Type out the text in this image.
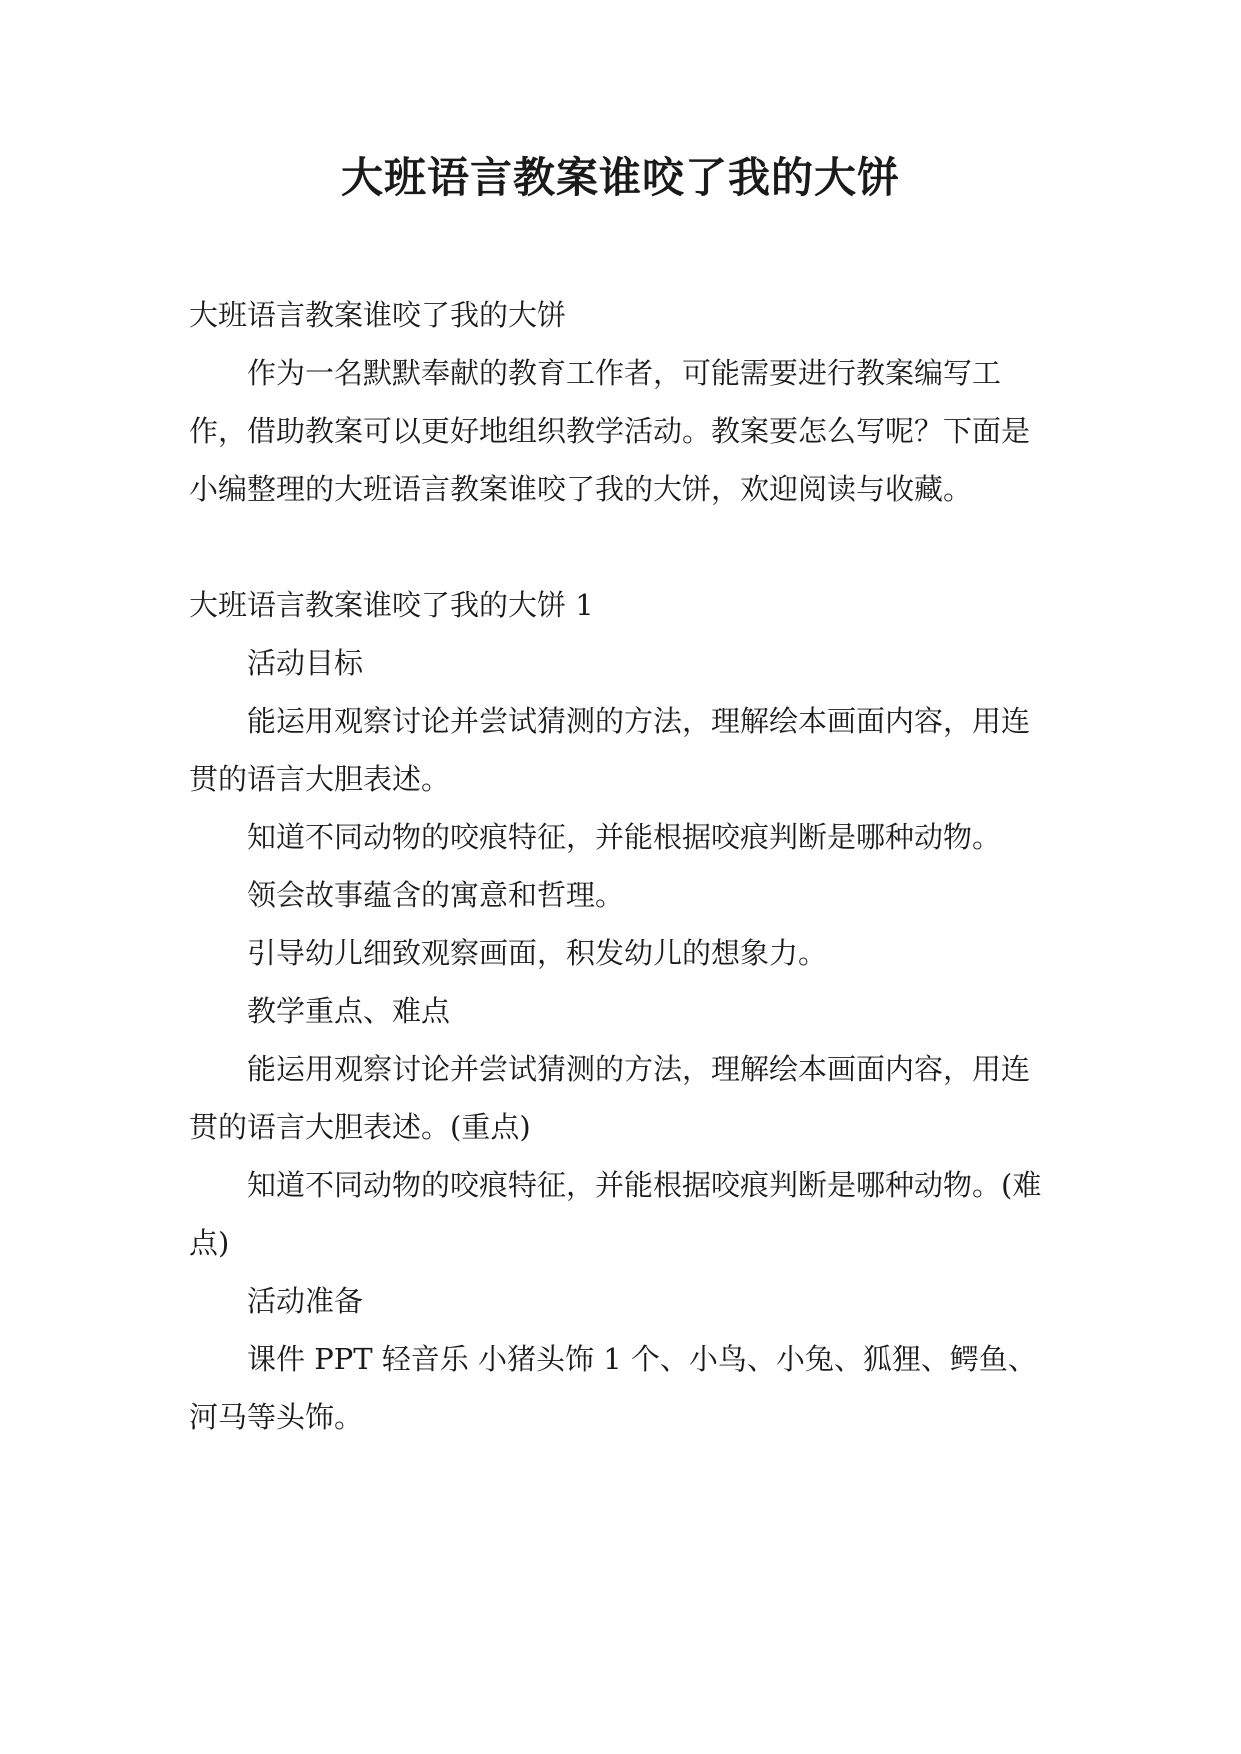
大班语言教案谁咬了我的大饼

大班语言教案谁咬了我的大饼

作为一名默默奉献的教育工作者，可能需要进行教案编写工作，借助教案可以更好地组织教学活动。教案要怎么写呢？下面是小编整理的大班语言教案谁咬了我的大饼，欢迎阅读与收藏。

大班语言教案谁咬了我的大饼 1

活动目标

能运用观察讨论并尝试猜测的方法，理解绘本画面内容，用连贯的语言大胆表述。

知道不同动物的咬痕特征，并能根据咬痕判断是哪种动物。

领会故事蕴含的寓意和哲理。

引导幼儿细致观察画面，积发幼儿的想象力。

教学重点、难点

能运用观察讨论并尝试猜测的方法，理解绘本画面内容，用连贯的语言大胆表述。(重点)

知道不同动物的咬痕特征，并能根据咬痕判断是哪种动物。(难点)

活动准备

课件 PPT 轻音乐 小猪头饰 1 个、小鸟、小兔、狐狸、鳄鱼、河马等头饰。
